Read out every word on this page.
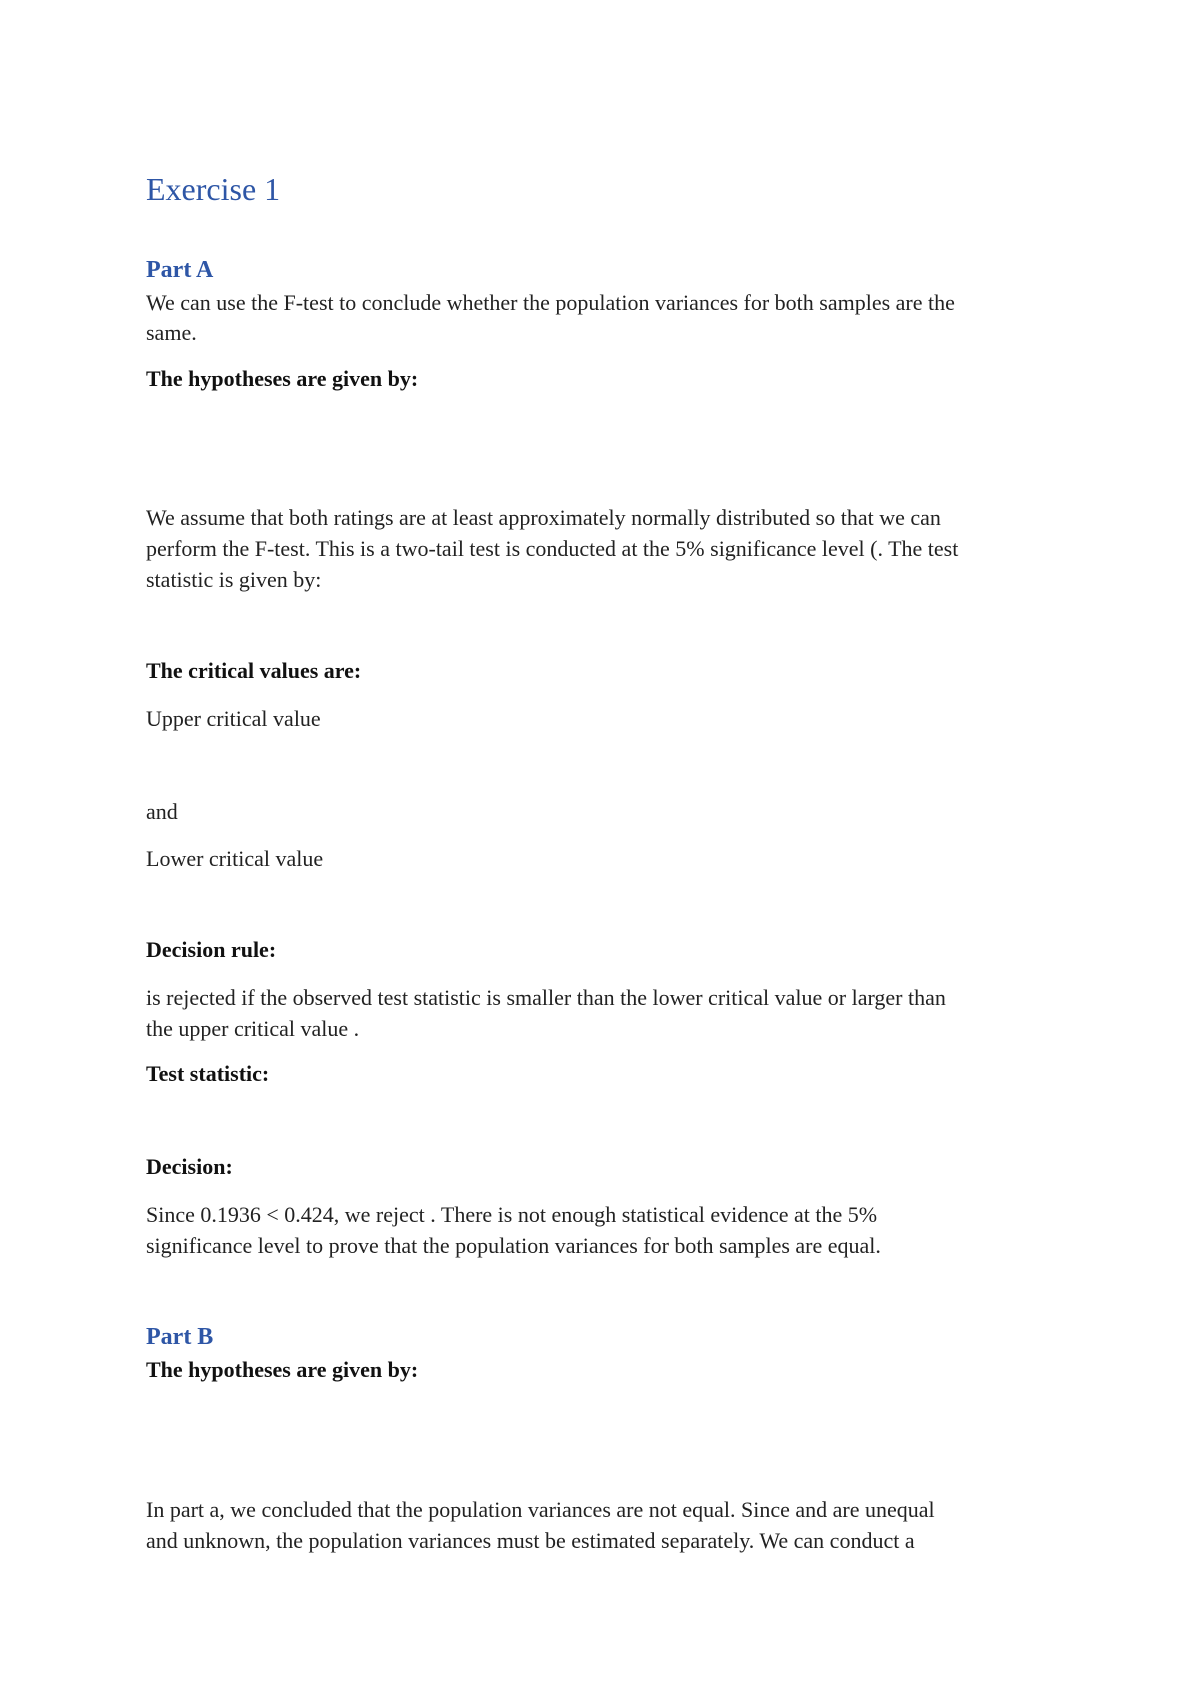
Exercise 1
Part A

We can use the F-test to conclude whether the population variances for both samples are the

same.

The hypotheses are given by:

We assume that both ratings are at least approximately normally distributed so that we can

perform the F-test. This is a two-tail test is conducted at the 5% significance level (. The test

statistic is given by:

The critical values are:

Upper critical value

and

Lower critical value

Decision rule:

is rejected if the observed test statistic is smaller than the lower critical value or larger than

the upper critical value .

Test statistic:
Decision:

Since 0.1936 < 0.424, we reject . There is not enough statistical evidence at the 5%

significance level to prove that the population variances for both samples are equal.

Part B
The hypotheses are given by:

In part a, we concluded that the population variances are not equal. Since and are unequal

and unknown, the population variances must be estimated separately. We can conduct a
